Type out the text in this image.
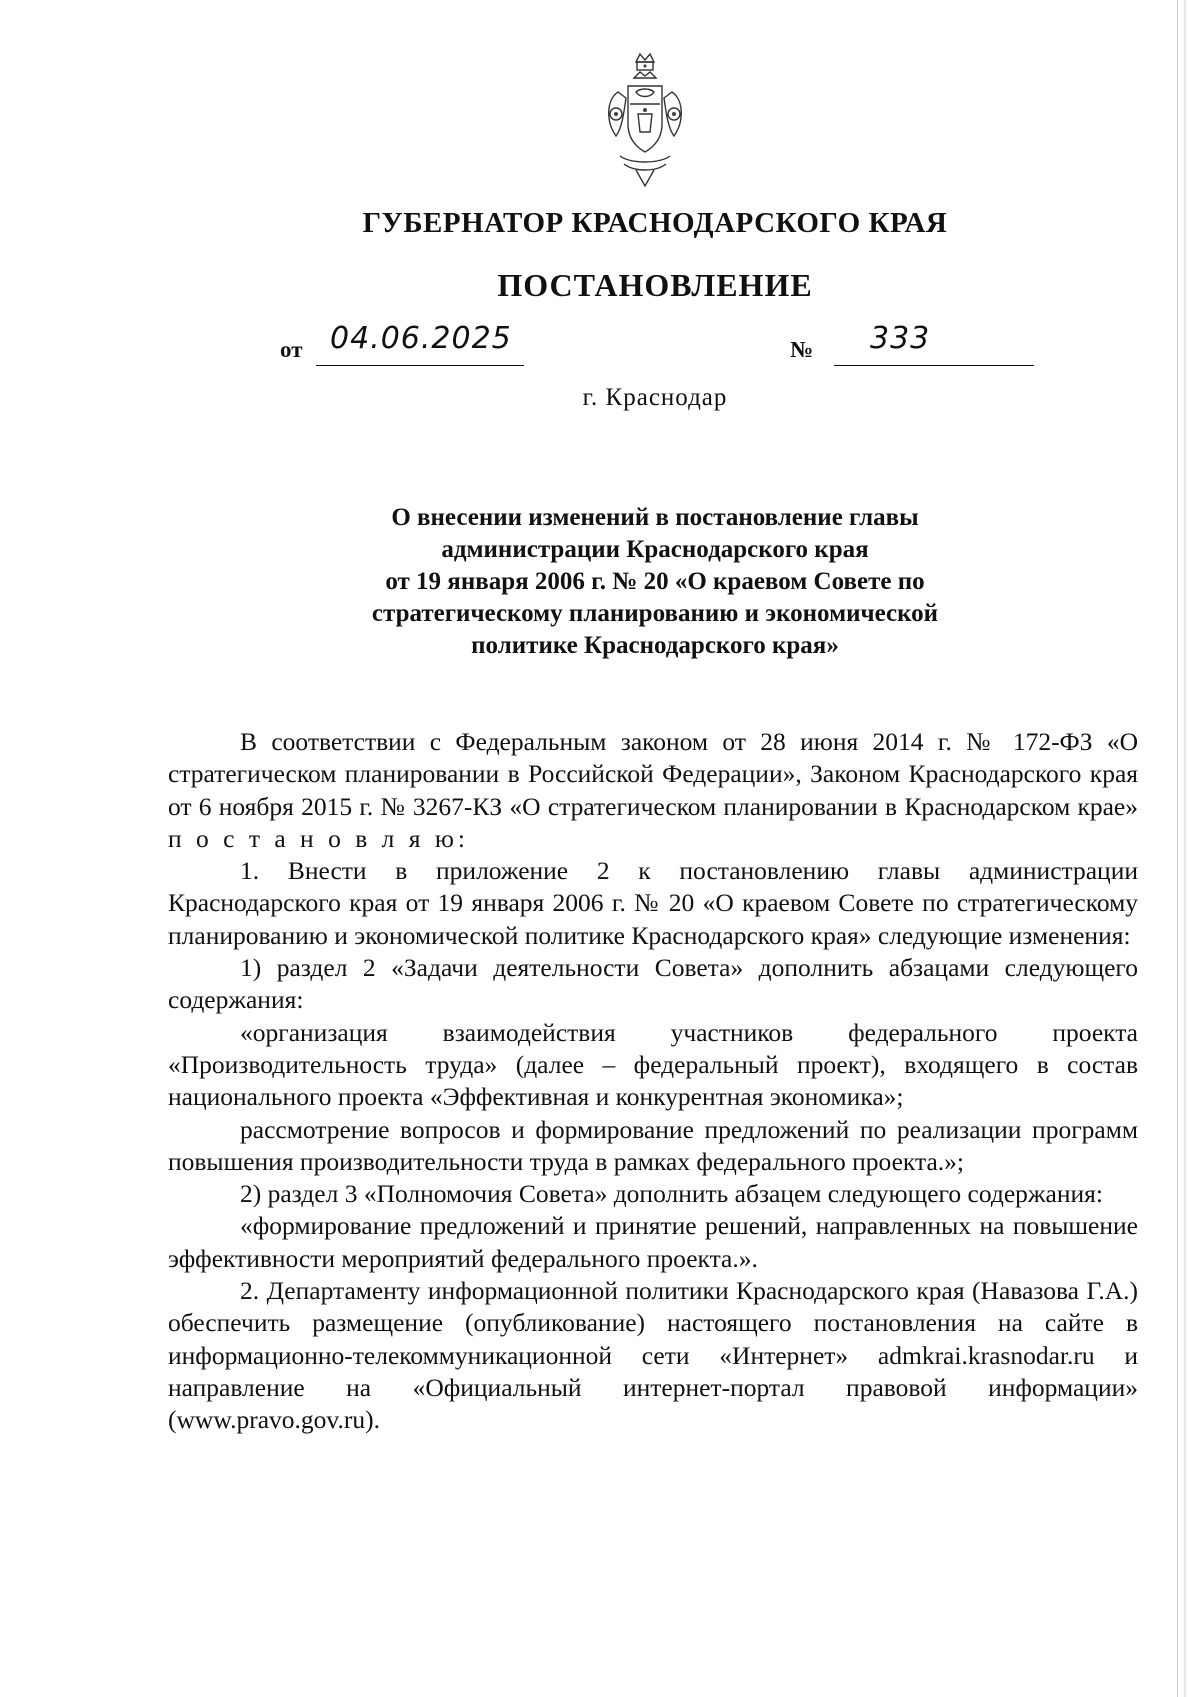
ГУБЕРНАТОР КРАСНОДАРСКОГО КРАЯ
ПОСТАНОВЛЕНИЕ
от 04.06.2025	№ 333
г. Краснодар
О внесении изменений в постановление главы
администрации Краснодарского края
от 19 января 2006 г. № 20 «О краевом Совете по
стратегическому планированию и экономической
политике Краснодарского края»

В соответствии с Федеральным законом от 28 июня 2014 г. № 172-ФЗ «О стратегическом планировании в Российской Федерации», Законом Краснодарского края от 6 ноября 2015 г. № 3267-КЗ «О стратегическом планировании в Краснодарском крае» п о с т а н о в л я ю:

1. Внести в приложение 2 к постановлению главы администрации Краснодарского края от 19 января 2006 г. № 20 «О краевом Совете по стратегическому планированию и экономической политике Краснодарского края» следующие изменения:

1) раздел 2 «Задачи деятельности Совета» дополнить абзацами следующего содержания:

«организация взаимодействия участников федерального проекта «Производительность труда» (далее – федеральный проект), входящего в состав национального проекта «Эффективная и конкурентная экономика»;

рассмотрение вопросов и формирование предложений по реализации программ повышения производительности труда в рамках федерального проекта.»;

2) раздел 3 «Полномочия Совета» дополнить абзацем следующего содержания:

«формирование предложений и принятие решений, направленных на повышение эффективности мероприятий федерального проекта.».

2. Департаменту информационной политики Краснодарского края (Навазова Г.А.) обеспечить размещение (опубликование) настоящего постановления на сайте в информационно-телекоммуникационной сети «Интернет» admkrai.krasnodar.ru и направление на «Официальный интернет-портал правовой информации» (www.pravo.gov.ru).
